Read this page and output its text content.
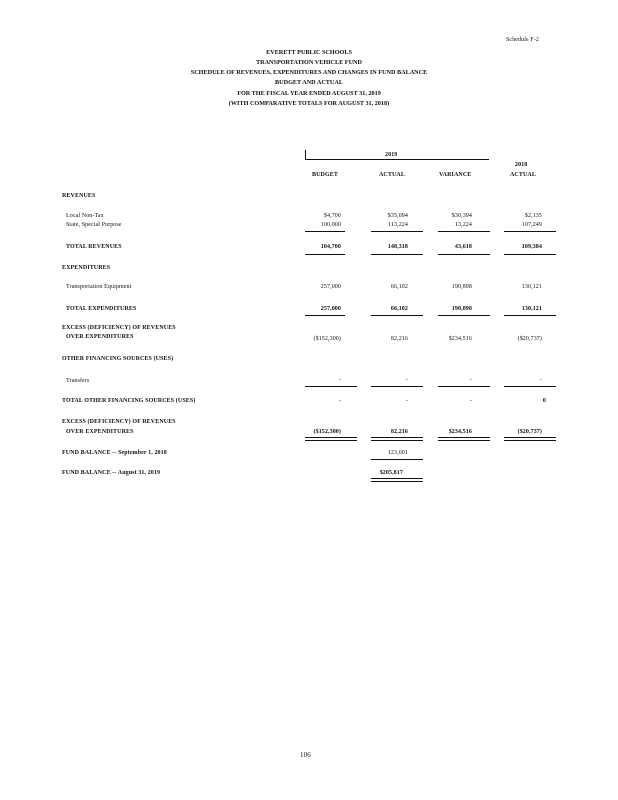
Schedule F-2
EVERETT PUBLIC SCHOOLS
TRANSPORTATION VEHICLE FUND
SCHEDULE OF REVENUES, EXPENDITURES AND CHANGES IN FUND BALANCE
BUDGET AND ACTUAL
FOR THE FISCAL YEAR ENDED AUGUST 31, 2019
(WITH COMPARATIVE TOTALS FOR AUGUST 31, 2018)
2019
2018
BUDGET	ACTUAL	VARIANCE	ACTUAL
REVENUES
Local Non-Tax	$4,700	$35,094	$30,394	$2,135
State, Special Purpose	100,000	113,224	13,224	107,249
TOTAL REVENUES	104,700	148,318	43,618	109,384
EXPENDITURES
Transportation Equipment	257,000	66,102	190,898	130,121
TOTAL EXPENDITURES	257,000	66,102	190,898	130,121
EXCESS (DEFICIENCY) OF REVENUES
OVER EXPENDITURES	($152,300)	82,216	$234,516	($20,737)
OTHER FINANCING SOURCES (USES)
Transfers	-	-	-	-
TOTAL OTHER FINANCING SOURCES (USES)	-	-	-	0
EXCESS (DEFICIENCY) OF REVENUES
OVER EXPENDITURES	($152,300)	82,216	$234,516	($20,737)
FUND BALANCE -- September 1, 2018	123,601
FUND BALANCE -- August 31, 2019	$205,817
106
